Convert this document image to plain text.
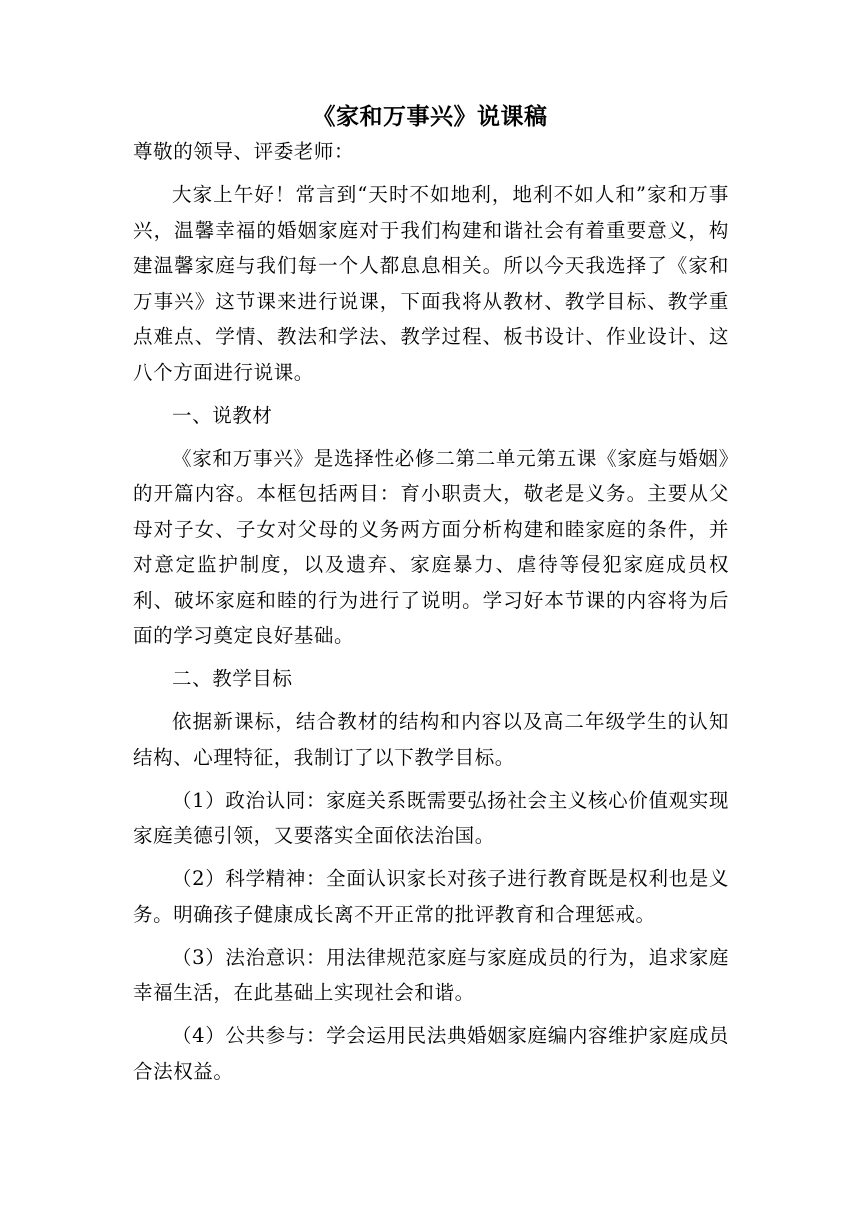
《家和万事兴》说课稿

尊敬的领导、评委老师：

大家上午好！常言到“天时不如地利，地利不如人和”家和万事兴，温馨幸福的婚姻家庭对于我们构建和谐社会有着重要意义，构建温馨家庭与我们每一个人都息息相关。所以今天我选择了《家和万事兴》这节课来进行说课，下面我将从教材、教学目标、教学重点难点、学情、教法和学法、教学过程、板书设计、作业设计、这八个方面进行说课。

一、说教材

《家和万事兴》是选择性必修二第二单元第五课《家庭与婚姻》的开篇内容。本框包括两目：育小职责大，敬老是义务。主要从父母对子女、子女对父母的义务两方面分析构建和睦家庭的条件，并对意定监护制度，以及遗弃、家庭暴力、虐待等侵犯家庭成员权利、破坏家庭和睦的行为进行了说明。学习好本节课的内容将为后面的学习奠定良好基础。

二、教学目标

依据新课标，结合教材的结构和内容以及高二年级学生的认知结构、心理特征，我制订了以下教学目标。

（1）政治认同：家庭关系既需要弘扬社会主义核心价值观实现家庭美德引领，又要落实全面依法治国。

（2）科学精神：全面认识家长对孩子进行教育既是权利也是义务。明确孩子健康成长离不开正常的批评教育和合理惩戒。

（3）法治意识：用法律规范家庭与家庭成员的行为，追求家庭幸福生活，在此基础上实现社会和谐。

（4）公共参与：学会运用民法典婚姻家庭编内容维护家庭成员合法权益。
